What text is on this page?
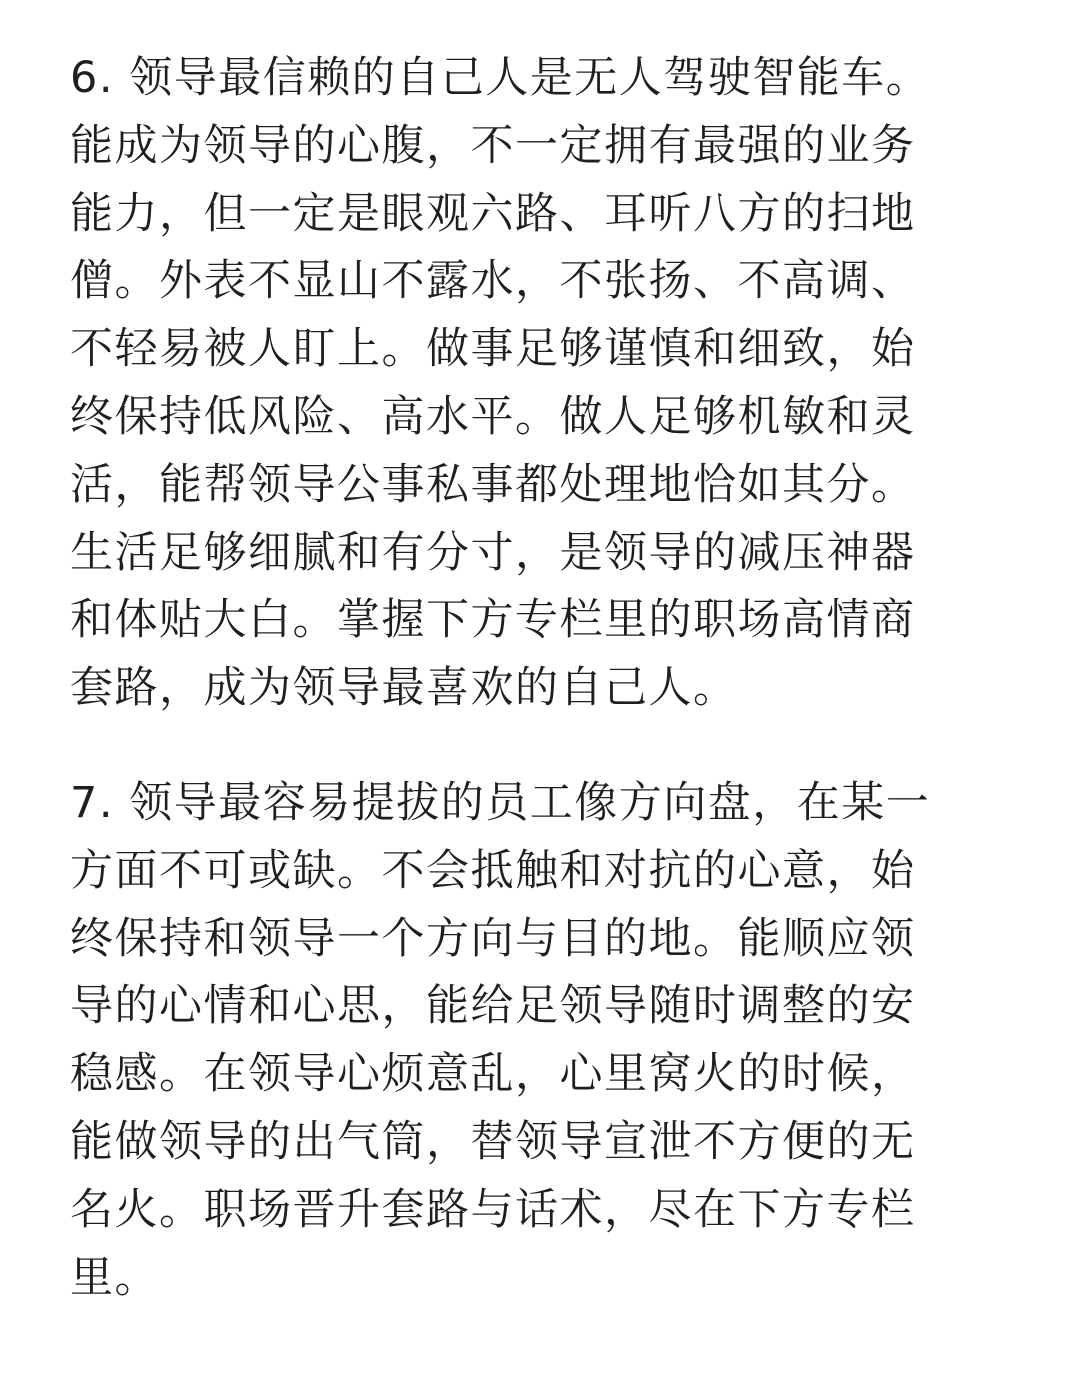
6. 领导最信赖的自己人是无人驾驶智能车。
能成为领导的心腹，不一定拥有最强的业务
能力，但一定是眼观六路、耳听八方的扫地
僧。外表不显山不露水，不张扬、不高调、
不轻易被人盯上。做事足够谨慎和细致，始
终保持低风险、高水平。做人足够机敏和灵
活，能帮领导公事私事都处理地恰如其分。
生活足够细腻和有分寸，是领导的减压神器
和体贴大白。掌握下方专栏里的职场高情商
套路，成为领导最喜欢的自己人。

7. 领导最容易提拔的员工像方向盘，在某一
方面不可或缺。不会抵触和对抗的心意，始
终保持和领导一个方向与目的地。能顺应领
导的心情和心思，能给足领导随时调整的安
稳感。在领导心烦意乱，心里窝火的时候，
能做领导的出气筒，替领导宣泄不方便的无
名火。职场晋升套路与话术，尽在下方专栏
里。
